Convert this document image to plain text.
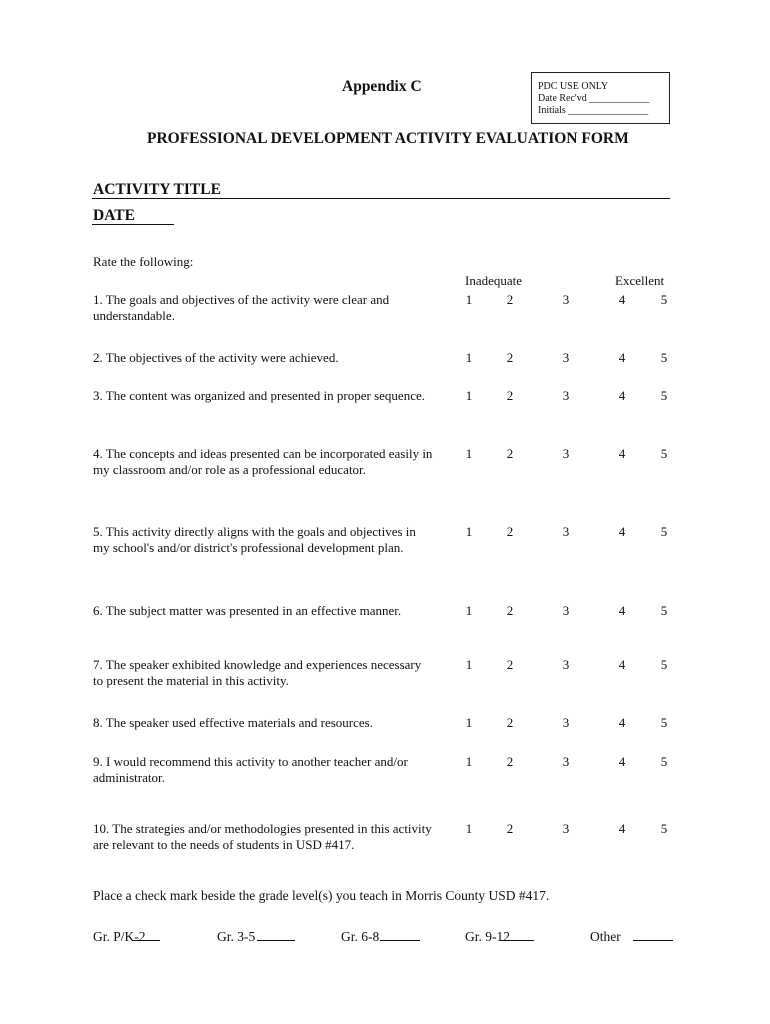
Appendix C	PDC USE ONLY
Date Rec'vd ____________
Initials ________________
PROFESSIONAL DEVELOPMENT ACTIVITY EVALUATION FORM
ACTIVITY TITLE
DATE
Rate the following:
Inadequate	Excellent
1. The goals and objectives of the activity were clear and understandable.
1	2	3	4	5
2. The objectives of the activity were achieved.	1	2	3	4	5
3. The content was organized and presented in proper sequence.	1	2	3	4	5
4. The concepts and ideas presented can be incorporated easily in my classroom and/or role as a professional educator.
1	2	3	4	5
5. This activity directly aligns with the goals and objectives in my school's and/or district's professional development plan.
1	2	3	4	5
6. The subject matter was presented in an effective manner.	1	2	3	4	5
7. The speaker exhibited knowledge and experiences necessary to present the material in this activity.
1	2	3	4	5
8. The speaker used effective materials and resources.	1	2	3	4	5
9. I would recommend this activity to another teacher and/or administrator.
1	2	3	4	5
10. The strategies and/or methodologies presented in this activity are relevant to the needs of students in USD #417.
1	2	3	4	5
Place a check mark beside the grade level(s) you teach in Morris County USD #417.
Gr. P/K-2	Gr. 3-5	Gr. 6-8	Gr. 9-12	Other
